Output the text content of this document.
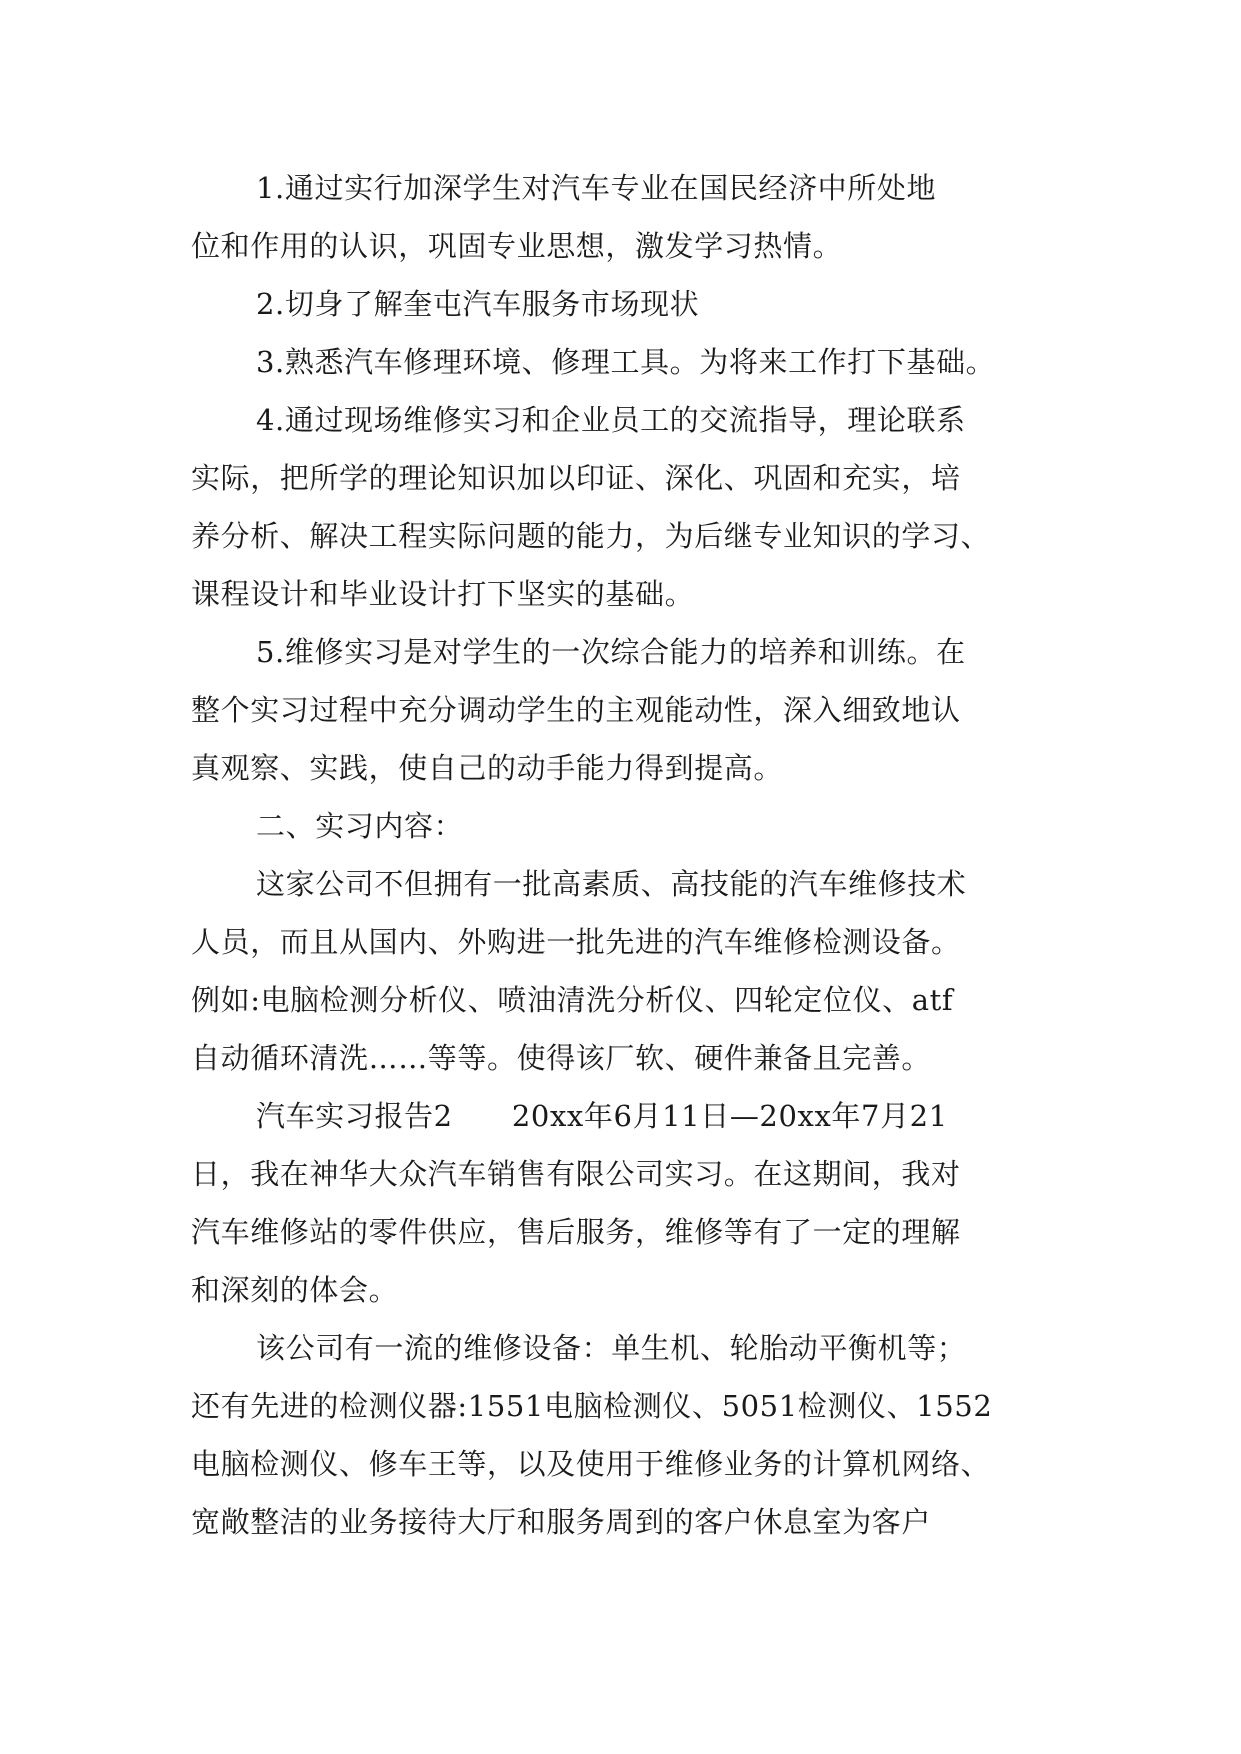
1.通过实行加深学生对汽车专业在国民经济中所处地
位和作用的认识，巩固专业思想，激发学习热情。
2.切身了解奎屯汽车服务市场现状
3.熟悉汽车修理环境、修理工具。为将来工作打下基础。
4.通过现场维修实习和企业员工的交流指导，理论联系
实际，把所学的理论知识加以印证、深化、巩固和充实，培
养分析、解决工程实际问题的能力，为后继专业知识的学习、
课程设计和毕业设计打下坚实的基础。
5.维修实习是对学生的一次综合能力的培养和训练。在
整个实习过程中充分调动学生的主观能动性，深入细致地认
真观察、实践，使自己的动手能力得到提高。
二、实习内容：
这家公司不但拥有一批高素质、高技能的汽车维修技术
人员，而且从国内、外购进一批先进的汽车维修检测设备。
例如:电脑检测分析仪、喷油清洗分析仪、四轮定位仪、atf
自动循环清洗……等等。使得该厂软、硬件兼备且完善。
汽车实习报告2　　20xx年6月11日—20xx年7月21
日，我在神华大众汽车销售有限公司实习。在这期间，我对
汽车维修站的零件供应，售后服务，维修等有了一定的理解
和深刻的体会。
该公司有一流的维修设备：单生机、轮胎动平衡机等；
还有先进的检测仪器:1551电脑检测仪、5051检测仪、1552
电脑检测仪、修车王等，以及使用于维修业务的计算机网络、
宽敞整洁的业务接待大厅和服务周到的客户休息室为客户
